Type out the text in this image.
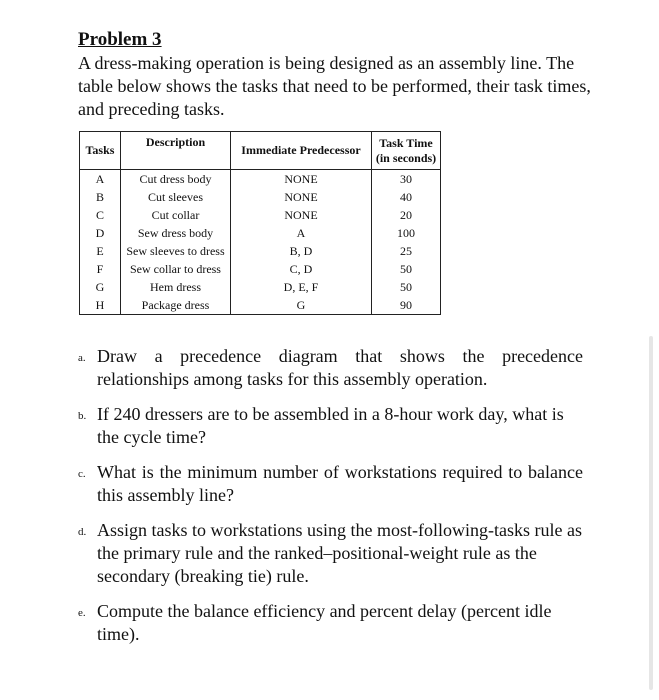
Problem 3
A dress-making operation is being designed as an assembly line. The table below shows the tasks that need to be performed, their task times, and preceding tasks.
Tasks	Description	Immediate Predecessor	Task Time
(in seconds)

A	Cut dress body	NONE	30
B	Cut sleeves	NONE	40
C	Cut collar	NONE	20
D	Sew dress body	A	100
E	Sew sleeves to dress	B, D	25
F	Sew collar to dress	C, D	50
G	Hem dress	D, E, F	50
H	Package dress	G	90
a. Draw a precedence diagram that shows the precedence relationships among tasks for this assembly operation.
b. If 240 dressers are to be assembled in a 8-hour work day, what is the cycle time?
c. What is the minimum number of workstations required to balance this assembly line?
d. Assign tasks to workstations using the most-following-tasks rule as the primary rule and the ranked–positional-weight rule as the secondary (breaking tie) rule.
e. Compute the balance efficiency and percent delay (percent idle time).
